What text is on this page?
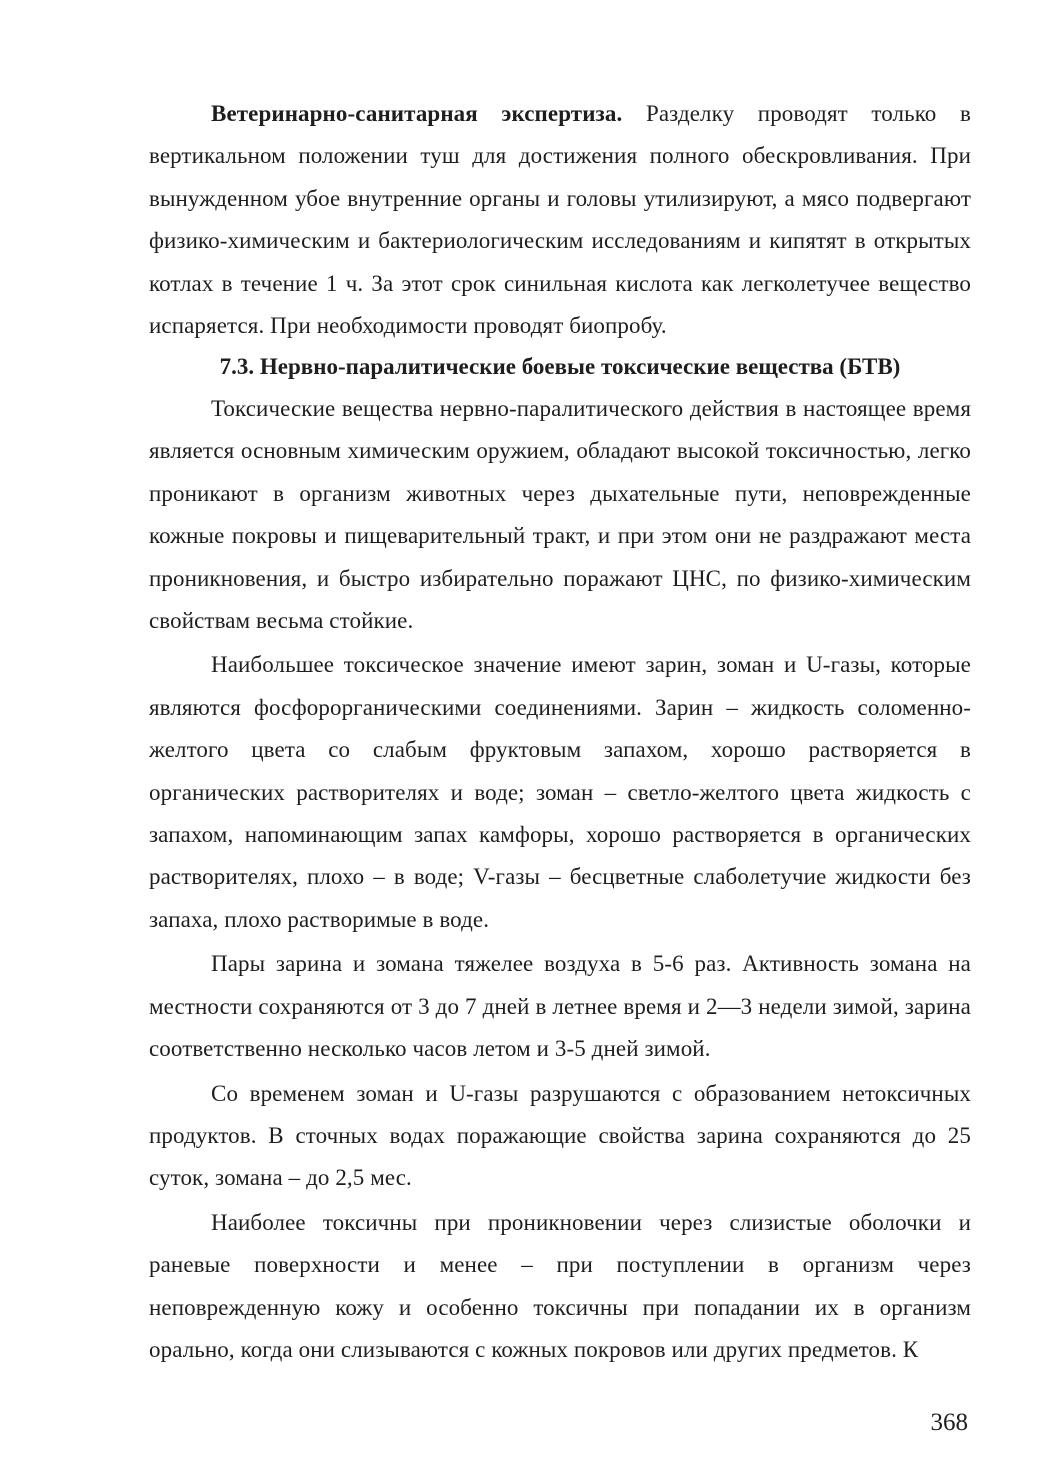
Ветеринарно-санитарная экспертиза. Разделку проводят только в вертикальном положении туш для достижения полного обескровливания. При вынужденном убое внутренние органы и головы утилизируют, а мясо подвергают физико-химическим и бактериологическим исследованиям и кипятят в открытых котлах в течение 1 ч. За этот срок синильная кислота как легколетучее вещество испаряется. При необходимости проводят биопробу.

7.3. Нервно-паралитические боевые токсические вещества (БТВ)

Токсические вещества нервно-паралитического действия в настоящее время является основным химическим оружием, обладают высокой токсичностью, легко проникают в организм животных через дыхательные пути, неповрежденные кожные покровы и пищеварительный тракт, и при этом они не раздражают места проникновения, и быстро избирательно поражают ЦНС, по физико-химическим свойствам весьма стойкие.

Наибольшее токсическое значение имеют зарин, зоман и U-газы, которые являются фосфорорганическими соединениями. Зарин – жидкость соломенно-желтого цвета со слабым фруктовым запахом, хорошо растворяется в органических растворителях и воде; зоман – светло-желтого цвета жидкость с запахом, напоминающим запах камфоры, хорошо растворяется в органических растворителях, плохо – в воде; V-газы – бесцветные слаболетучие жидкости без запаха, плохо растворимые в воде.

Пары зарина и зомана тяжелее воздуха в 5-6 раз. Активность зомана на местности сохраняются от 3 до 7 дней в летнее время и 2—3 недели зимой, зарина соответственно несколько часов летом и 3-5 дней зимой.

Со временем зоман и U-газы разрушаются с образованием нетоксичных продуктов. В сточных водах поражающие свойства зарина сохраняются до 25 суток, зомана – до 2,5 мес.

Наиболее токсичны при проникновении через слизистые оболочки и раневые поверхности и менее – при поступлении в организм через неповрежденную кожу и особенно токсичны при попадании их в организм орально, когда они слизываются с кожных покровов или других предметов. К

368
